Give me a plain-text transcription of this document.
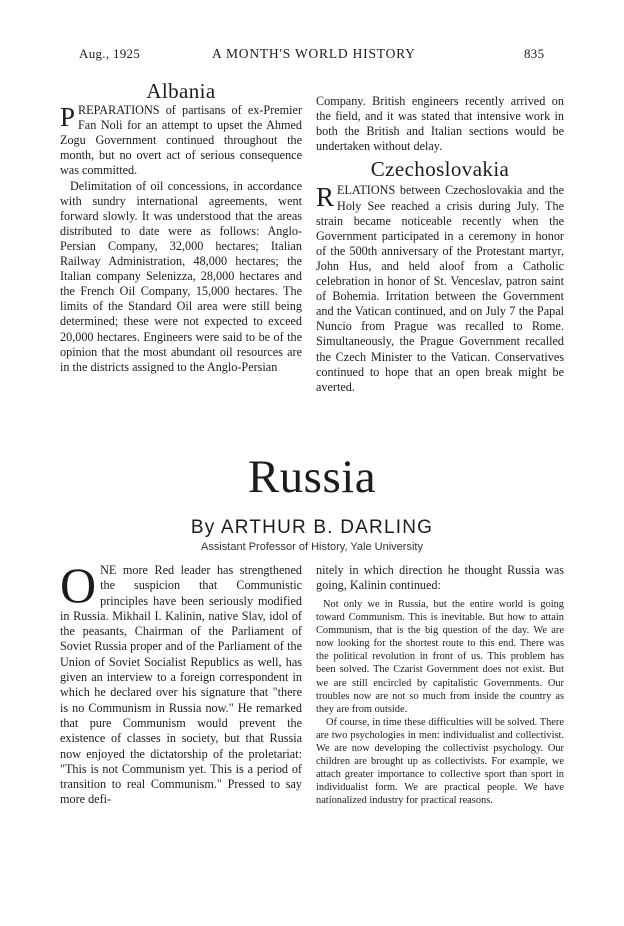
Aug., 1925	A MONTH'S WORLD HISTORY	835
Albania

PREPARATIONS of partisans of ex-Premier Fan Noli for an attempt to upset the Ahmed Zogu Government continued throughout the month, but no overt act of serious consequence was committed.

Delimitation of oil concessions, in accordance with sundry international agreements, went forward slowly. It was understood that the areas distributed to date were as follows: Anglo-Persian Company, 32,000 hectares; Italian Railway Administration, 48,000 hectares; the Italian company Selenizza, 28,000 hectares and the French Oil Company, 15,000 hectares. The limits of the Standard Oil area were still being determined; these were not expected to exceed 20,000 hectares. Engineers were said to be of the opinion that the most abundant oil resources are in the districts assigned to the Anglo-Persian

Company. British engineers recently arrived on the field, and it was stated that intensive work in both the British and Italian sections would be undertaken without delay.

Czechoslovakia

RELATIONS between Czechoslovakia and the Holy See reached a crisis during July. The strain became noticeable recently when the Government participated in a ceremony in honor of the 500th anniversary of the Protestant martyr, John Hus, and held aloof from a Catholic celebration in honor of St. Venceslav, patron saint of Bohemia. Irritation between the Government and the Vatican continued, and on July 7 the Papal Nuncio from Prague was recalled to Rome. Simultaneously, the Prague Government recalled the Czech Minister to the Vatican. Conservatives continued to hope that an open break might be averted.

Russia
By ARTHUR B. DARLING
Assistant Professor of History, Yale University

ONE more Red leader has strengthened the suspicion that Communistic principles have been seriously modified in Russia. Mikhail I. Kalinin, native Slav, idol of the peasants, Chairman of the Parliament of Soviet Russia proper and of the Parliament of the Union of Soviet Socialist Republics as well, has given an interview to a foreign correspondent in which he declared over his signature that "there is no Communism in Russia now." He remarked that pure Communism would prevent the existence of classes in society, but that Russia now enjoyed the dictatorship of the proletariat: "This is not Communism yet. This is a period of transition to real Communism." Pressed to say more defi-

Not only we in Russia, but the entire world is going toward Communism. This is inevitable. But how to attain Communism, that is the big question of the day. We are now looking for the shortest route to this end. There was the political revolution in front of us. This problem has been solved. The Czarist Government does not exist. But we are still encircled by capitalistic Governments. Our troubles now are not so much from inside the country as they are from outside.

Of course, in time these difficulties will be solved. There are two psychologies in men: individualist and collectivist. We are now developing the collectivist psychology. Our children are brought up as collectivists. For example, we attach greater importance to collective sport than sport in individualist form. We are practical people. We have nationalized industry for practical reasons.

nitely in which direction he thought Russia was going, Kalinin continued:
